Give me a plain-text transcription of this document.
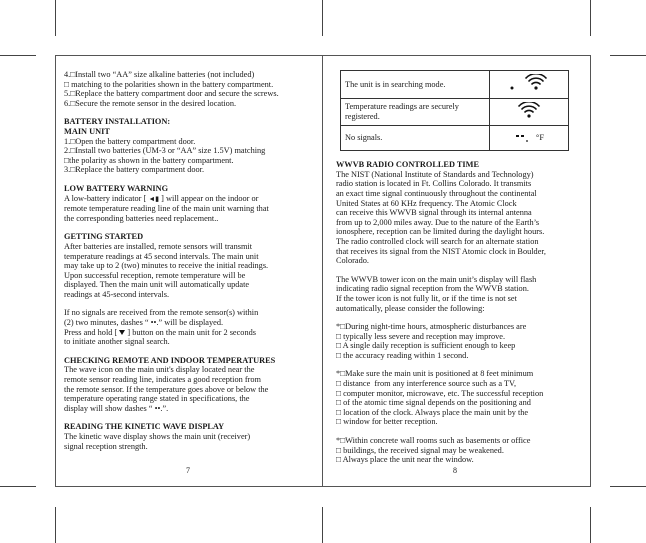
4.□Install two “AA” size alkaline batteries (not included)

□ matching to the polarities shown in the battery compartment.

5.□Replace the battery compartment door and secure the screws.

6.□Secure the remote sensor in the desired location.

BATTERY INSTALLATION:

MAIN UNIT

1.□Open the battery compartment door.

2.□Install two batteries (UM-3 or “AA” size 1.5V) matching

□the polarity as shown in the battery compartment.

3.□Replace the battery compartment door.

LOW BATTERY WARNING

A low-battery indicator [ ◄▮ ] will appear on the indoor or

remote temperature reading line of the main unit warning that

the corresponding batteries need replacement..

GETTING STARTED

After batteries are installed, remote sensors will transmit

temperature readings at 45 second intervals. The main unit

may take up to 2 (two) minutes to receive the initial readings.

Upon successful reception, remote temperature will be

displayed. Then the main unit will automatically update

readings at 45-second intervals.

If no signals are received from the remote sensor(s) within

(2) two minutes, dashes “ ••.” will be displayed.

Press and hold [  ] button on the main unit for 2 seconds

to initiate another signal search.

CHECKING REMOTE AND INDOOR TEMPERATURES

The wave icon on the main unit's display located near the

remote sensor reading line, indicates a good reception from

the remote sensor. If the temperature goes above or below the

temperature operating range stated in specifications, the

display will show dashes “ ••.”.

READING THE KINETIC WAVE DISPLAY

The kinetic wave display shows the main unit (receiver)

signal reception strength.

7
The unit is in searching mode.	
Temperature readings are securely registered.	
No signals.	°F

WWVB RADIO CONTROLLED TIME

The NIST (National Institute of Standards and Technology)

radio station is located in Ft. Collins Colorado. It transmits

an exact time signal continuously throughout the continental

United States at 60 KHz frequency. The Atomic Clock

can receive this WWVB signal through its internal antenna

from up to 2,000 miles away. Due to the nature of the Earth’s

ionosphere, reception can be limited during the daylight hours.

The radio controlled clock will search for an alternate station

that receives its signal from the NIST Atomic clock in Boulder,

Colorado.

The WWVB tower icon on the main unit’s display will flash

indicating radio signal reception from the WWVB station.

If the tower icon is not fully lit, or if the time is not set

automatically, please consider the following:

*□During night-time hours, atmospheric disturbances are

□ typically less severe and reception may improve.

□ A single daily reception is sufficient enough to keep

□ the accuracy reading within 1 second.

*□Make sure the main unit is positioned at 8 feet minimum

□ distance  from any interference source such as a TV,

□ computer monitor, microwave, etc. The successful reception

□ of the atomic time signal depends on the positioning and

□ location of the clock. Always place the main unit by the

□ window for better reception.

*□Within concrete wall rooms such as basements or office

□ buildings, the received signal may be weakened.

□ Always place the unit near the window.

8
